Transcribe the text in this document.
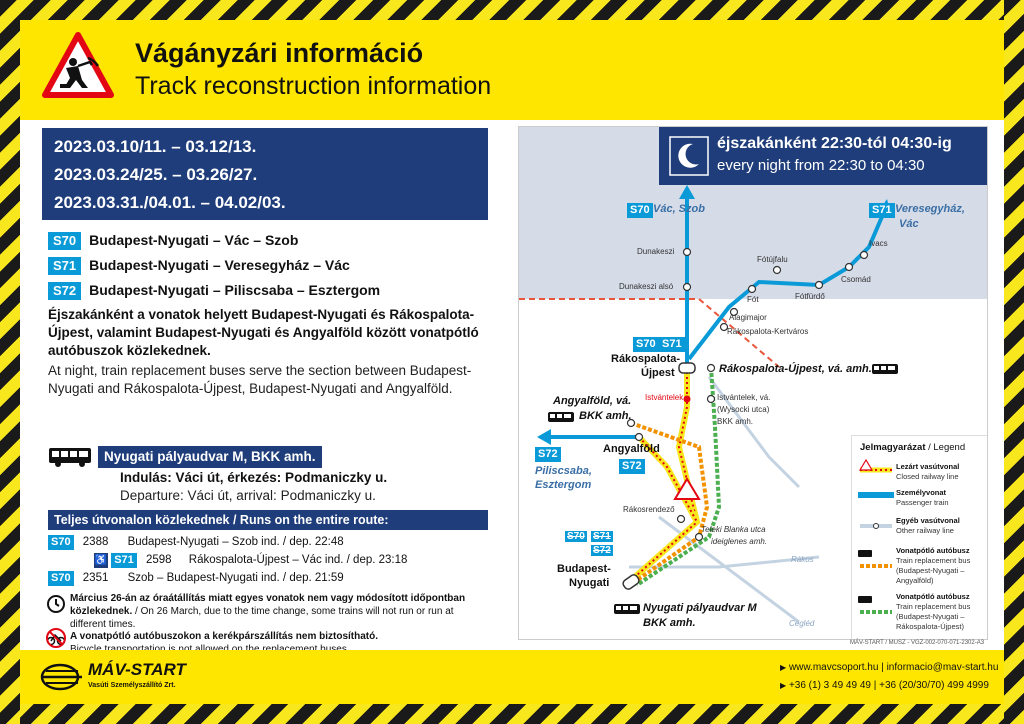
Vágányzári információ
Track reconstruction information
2023.03.10/11. – 03.12/13.
2023.03.24/25. – 03.26/27.
2023.03.31./04.01. – 04.02/03.
S70 Budapest-Nyugati – Vác – Szob
S71 Budapest-Nyugati – Veresegyház – Vác
S72 Budapest-Nyugati – Piliscsaba – Esztergom
Éjszakánként a vonatok helyett Budapest-Nyugati és Rákospalota-Újpest, valamint Budapest-Nyugati és Angyalföld között vonatpótló autóbuszok közlekednek.
At night, train replacement buses serve the section between Budapest-Nyugati and Rákospalota-Újpest, Budapest-Nyugati and Angyalföld.
Nyugati pályaudvar M, BKK amh.
Indulás: Váci út, érkezés: Podmaniczky u.
Departure: Váci út, arrival: Podmaniczky u.
Teljes útvonalon közlekednek / Runs on the entire route:
S70 2388 Budapest-Nyugati – Szob ind. / dep. 22:48
♿ S71 2598 Rákospalota-Újpest – Vác ind. / dep. 23:18
S70 2351 Szob – Budapest-Nyugati ind. / dep. 21:59
Március 26-án az óraátállítás miatt egyes vonatok nem vagy módosított időpontban közlekednek. / On 26 March, due to the time change, some trains will not run or run at different times.
A vonatpótló autóbuszokon a kerékpárszállítás nem biztosítható.

éjszakánként 22:30-tól 04:30-ig
every night from 22:30 to 04:30
S70 Vác, Szob	S71 Veresegyház,
Vác
Dunakeszi
Dunakeszi alsó
Fótújfalu
Ivacs
Csomád
Fót	Fótfürdő
Alagimajor
Rákospalota-Kertváros
S70 S71
Rákospalota-
Újpest	Rákospalota-Újpest, vá. amh.
Istvántelek	Istvántelek, vá.
(Wysocki utca)
BKK amh.
Angyalföld, vá.
BKK amh.
Angyalföld
S72
S72
Piliscsaba,
Esztergom
Rákosrendező
Teleki Blanka utca
ideiglenes amh.
S70 S71
S72
Budapest-
Nyugati
Nyugati pályaudvar M
BKK amh.
Rákos
Cegléd
Jelmagyarázat / Legend
Lezárt vasútvonal
Closed railway line
Személyvonat
Passenger train
Egyéb vasútvonal
Other railway line
Vonatpótló autóbusz
Train replacement bus (Budapest-Nyugati – Angyalföld)
Vonatpótló autóbusz
Train replacement bus (Budapest-Nyugati – Rákospalota-Újpest)
MÁV-START / MUSZ - VGZ-002-070-071-2302-A3
MÁV-START
Vasúti Személyszállító Zrt.
▶ www.mavcsoport.hu | informacio@mav-start.hu
▶ +36 (1) 3 49 49 49 | +36 (20/30/70) 499 4999
